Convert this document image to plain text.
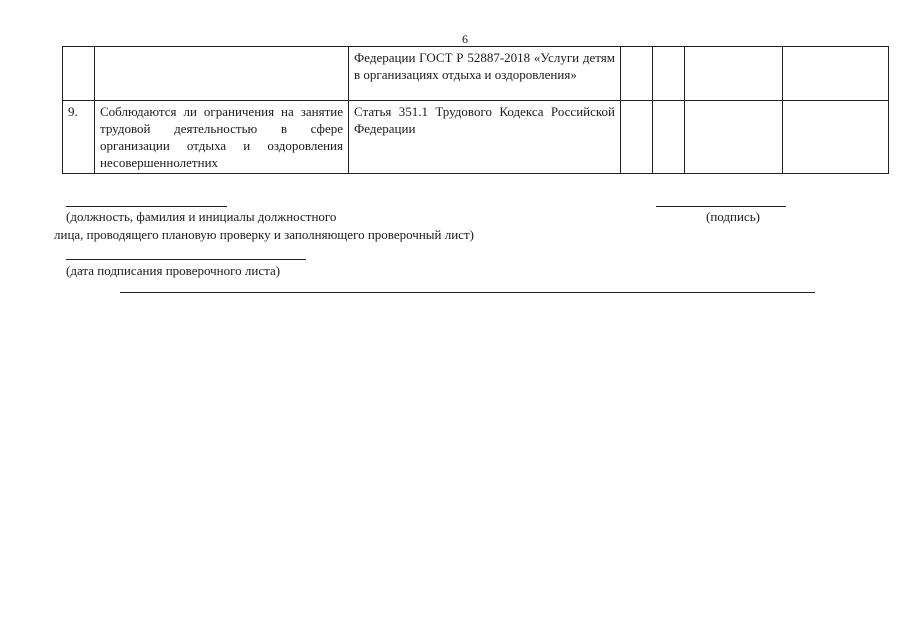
6
		Федерации ГОСТ Р 52887-2018 «Услуги детям в организациях отдыха и оздоровления»				
9.	Соблюдаются ли ограничения на занятие трудовой деятельностью в сфере организации отдыха и оздоровления несовершеннолетних	Статья 351.1 Трудового Кодекса Российской Федерации				
(должность, фамилия и инициалы должностного	(подпись)
лица, проводящего плановую проверку и заполняющего проверочный лист)
(дата подписания проверочного листа)
